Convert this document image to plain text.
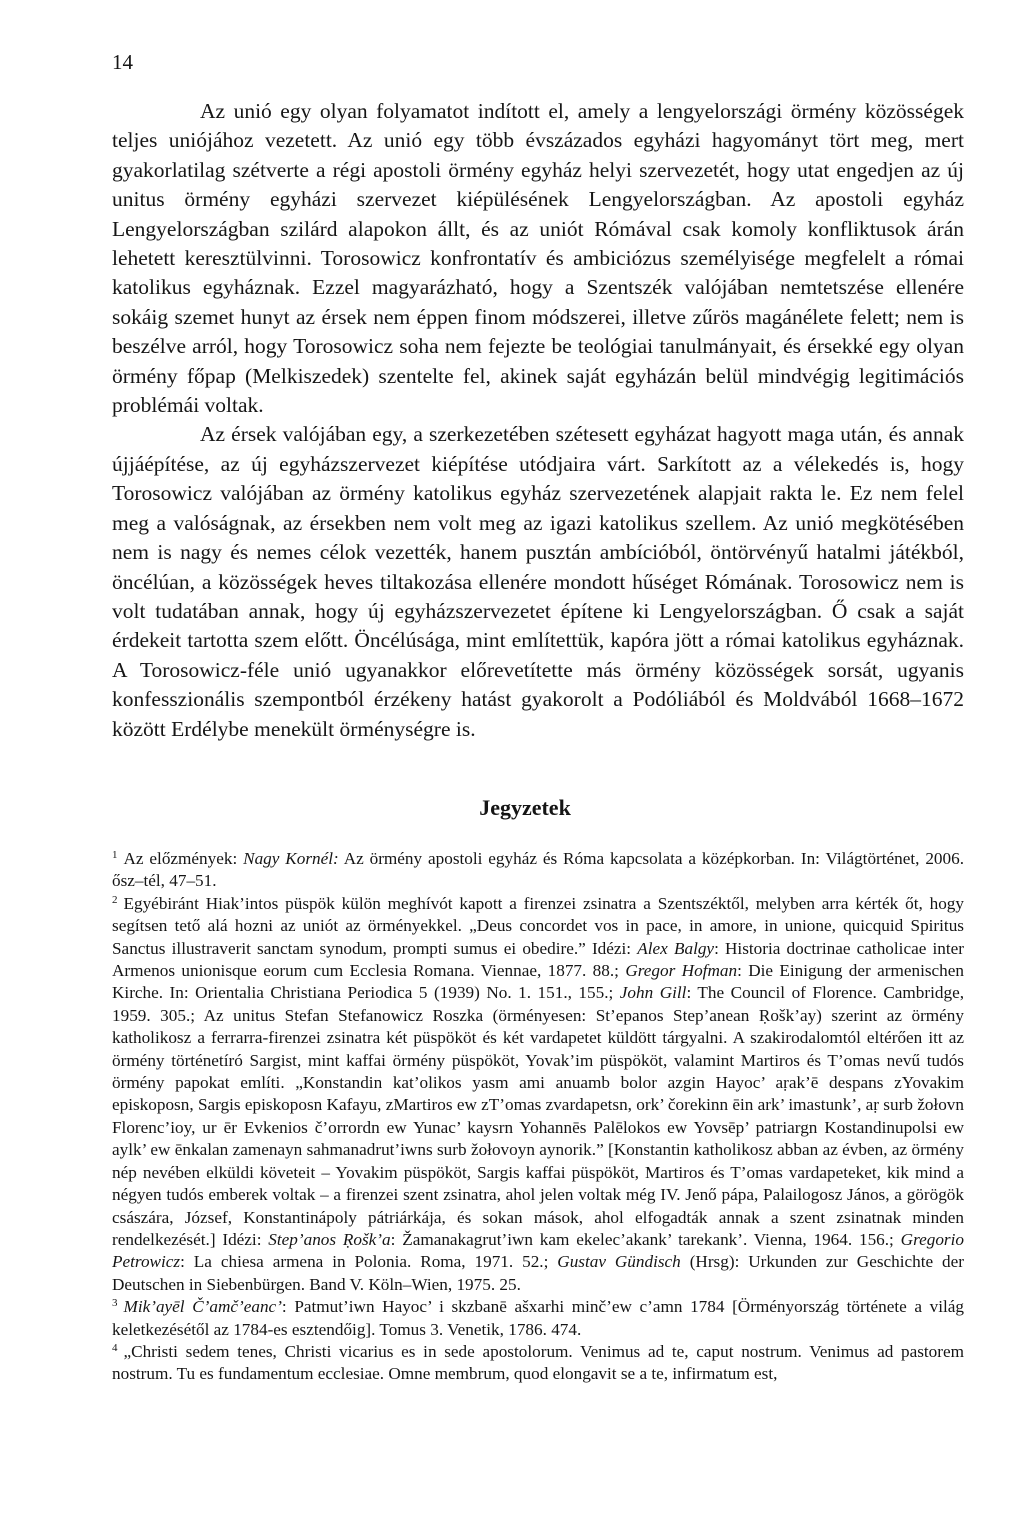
14

Az unió egy olyan folyamatot indított el, amely a lengyelországi örmény közösségek teljes uniójához vezetett. Az unió egy több évszázados egyházi hagyományt tört meg, mert gyakorlatilag szétverte a régi apostoli örmény egyház helyi szervezetét, hogy utat engedjen az új unitus örmény egyházi szervezet kiépülésének Lengyelországban. Az apostoli egyház Lengyelországban szilárd alapokon állt, és az uniót Rómával csak komoly konfliktusok árán lehetett keresztülvinni. Torosowicz konfrontatív és ambiciózus személyisége megfelelt a római katolikus egyháznak. Ezzel magyarázható, hogy a Szentszék valójában nemtetszése ellenére sokáig szemet hunyt az érsek nem éppen finom módszerei, illetve zűrös magánélete felett; nem is beszélve arról, hogy Torosowicz soha nem fejezte be teológiai tanulmányait, és érsekké egy olyan örmény főpap (Melkiszedek) szentelte fel, akinek saját egyházán belül mindvégig legitimációs problémái voltak.

Az érsek valójában egy, a szerkezetében szétesett egyházat hagyott maga után, és annak újjáépítése, az új egyházszervezet kiépítése utódjaira várt. Sarkított az a vélekedés is, hogy Torosowicz valójában az örmény katolikus egyház szervezetének alapjait rakta le. Ez nem felel meg a valóságnak, az érsekben nem volt meg az igazi katolikus szellem. Az unió megkötésében nem is nagy és nemes célok vezették, hanem pusztán ambícióból, öntörvényű hatalmi játékból, öncélúan, a közösségek heves tiltakozása ellenére mondott hűséget Rómának. Torosowicz nem is volt tudatában annak, hogy új egyházszervezetet építene ki Lengyelországban. Ő csak a saját érdekeit tartotta szem előtt. Öncélúsága, mint említettük, kapóra jött a római katolikus egyháznak. A Torosowicz-féle unió ugyanakkor előrevetítette más örmény közösségek sorsát, ugyanis konfesszionális szempontból érzékeny hatást gyakorolt a Podóliából és Moldvából 1668–1672 között Erdélybe menekült örménységre is.

Jegyzetek

$^1$ Az előzmények: Nagy Kornél: Az örmény apostoli egyház és Róma kapcsolata a középkorban. In: Világtörténet, 2006. ősz–tél, 47–51.

$^2$ Egyébiránt Hiak’intos püspök külön meghívót kapott a firenzei zsinatra a Szentszéktől, melyben arra kérték őt, hogy segítsen tető alá hozni az uniót az örményekkel. „Deus concordet vos in pace, in amore, in unione, quicquid Spiritus Sanctus illustraverit sanctam synodum, prompti sumus ei obedire.” Idézi: Alex Balgy: Historia doctrinae catholicae inter Armenos unionisque eorum cum Ecclesia Romana. Viennae, 1877. 88.; Gregor Hofman: Die Einigung der armenischen Kirche. In: Orientalia Christiana Periodica 5 (1939) No. 1. 151., 155.; John Gill: The Council of Florence. Cambridge, 1959. 305.; Az unitus Stefan Stefanowicz Roszka (örményesen: St’epanos Step’anean Ṛošk’ay) szerint az örmény katholikosz a ferrarra-firenzei zsinatra két püspököt és két vardapetet küldött tárgyalni. A szakirodalomtól eltérően itt az örmény történetíró Sargist, mint kaffai örmény püspököt, Yovak’im püspököt, valamint Martiros és T’omas nevű tudós örmény papokat említi. „Konstandin kat’olikos yasm ami anuamb bolor azgin Hayoc’ aṛak’ē despans zYovakim episkoposn, Sargis episkoposn Kafayu, zMartiros ew zT’omas zvardapetsn, ork’ čorekinn ēin ark’ imastunk’, aṛ surb žołovn Florenc’ioy, ur ēr Evkenios č’orrordn ew Yunac’ kaysrn Yohannēs Palēlokos ew Yovsēp’ patriargn Kostandinupolsi ew aylk’ ew ēnkalan zamenayn sahmanadrut’iwns surb žołovoyn aynorik.” [Konstantin katholikosz abban az évben, az örmény nép nevében elküldi követeit – Yovakim püspököt, Sargis kaffai püspököt, Martiros és T’omas vardapeteket, kik mind a négyen tudós emberek voltak – a firenzei szent zsinatra, ahol jelen voltak még IV. Jenő pápa, Palailogosz János, a görögök császára, József, Konstantinápoly pátriárkája, és sokan mások, ahol elfogadták annak a szent zsinatnak minden rendelkezését.] Idézi: Step’anos Ṛošk’a: Žamanakagrut’iwn kam ekelec’akank’ tarekank’. Vienna, 1964. 156.; Gregorio Petrowicz: La chiesa armena in Polonia. Roma, 1971. 52.; Gustav Gündisch (Hrsg): Urkunden zur Geschichte der Deutschen in Siebenbürgen. Band V. Köln–Wien, 1975. 25.

$^3$ Mik’ayēl Č’amč’eanc’: Patmut’iwn Hayoc’ i skzbanē ašxarhi minč’ew c’amn 1784 [Örményország története a világ keletkezésétől az 1784-es esztendőig]. Tomus 3. Venetik, 1786. 474.

$^4$ „Christi sedem tenes, Christi vicarius es in sede apostolorum. Venimus ad te, caput nostrum. Venimus ad pastorem nostrum. Tu es fundamentum ecclesiae. Omne membrum, quod elongavit se a te, infirmatum est,
